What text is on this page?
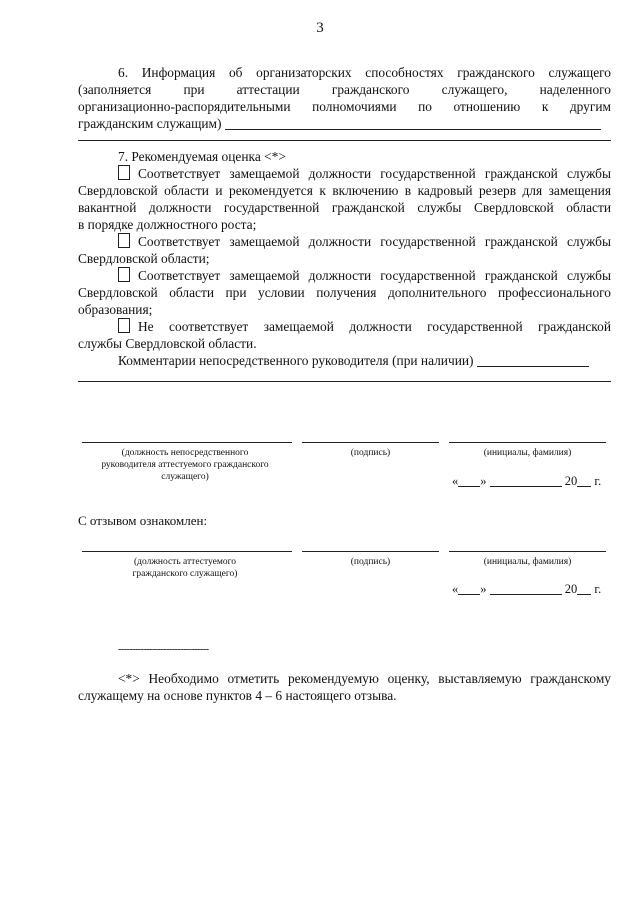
3
6. Информация об организаторских способностях гражданского служащего
(заполняется при аттестации гражданского служащего, наделенного
организационно-распорядительными полномочиями по отношению к другим
гражданским служащим)
7. Рекомендуемая оценка <*>
Соответствует замещаемой должности государственной гражданской службы
Свердловской области и рекомендуется к включению в кадровый резерв для замещения
вакантной должности государственной гражданской службы Свердловской области
в порядке должностного роста;
Соответствует замещаемой должности государственной гражданской службы
Свердловской области;
Соответствует замещаемой должности государственной гражданской службы
Свердловской области при условии получения дополнительного профессионального
образования;
Не соответствует замещаемой должности государственной гражданской
службы Свердловской области.
Комментарии непосредственного руководителя (при наличии)
(должность непосредственного руководителя аттестуемого гражданского служащего)
(подпись)	(инициалы, фамилия)
« »	20 г.
С отзывом ознакомлен:
(должность аттестуемого гражданского служащего)
(подпись)	(инициалы, фамилия)
« »	20 г.
--------------------------------
<*> Необходимо отметить рекомендуемую оценку, выставляемую гражданскому
служащему на основе пунктов 4 – 6 настоящего отзыва.
